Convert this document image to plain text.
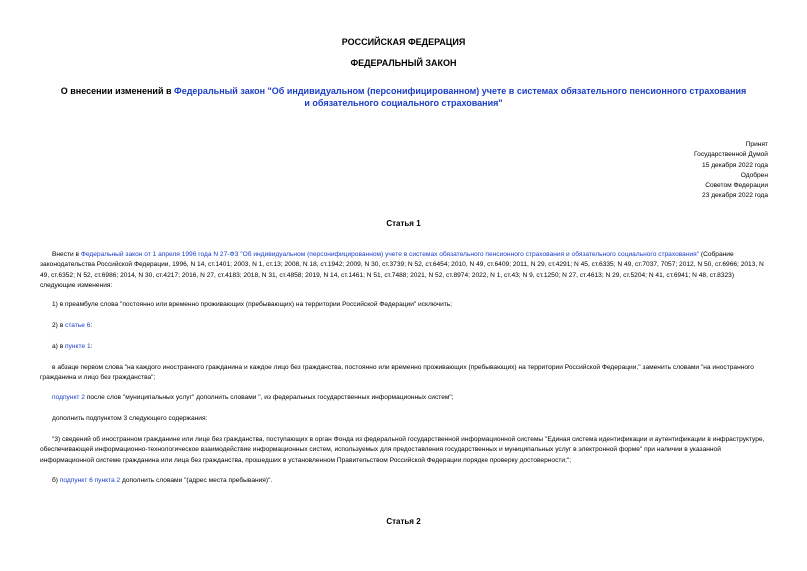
РОССИЙСКАЯ ФЕДЕРАЦИЯ
ФЕДЕРАЛЬНЫЙ ЗАКОН
О внесении изменений в Федеральный закон "Об индивидуальном (персонифицированном) учете в системах обязательного пенсионного страхования и обязательного социального страхования"
Принят
Государственной Думой
15 декабря 2022 года
Одобрен
Советом Федерации
23 декабря 2022 года
Статья 1

Внести в Федеральный закон от 1 апреля 1996 года N 27-ФЗ "Об индивидуальном (персонифицированном) учете в системах обязательного пенсионного страхования и обязательного социального страхования" (Собрание законодательства Российской Федерации, 1996, N 14, ст.1401; 2003, N 1, ст.13; 2008, N 18, ст.1942; 2009, N 30, ст.3739; N 52, ст.6454; 2010, N 49, ст.6409; 2011, N 29, ст.4291; N 45, ст.6335; N 49, ст.7037, 7057; 2012, N 50, ст.6966; 2013, N 49, ст.6352; N 52, ст.6986; 2014, N 30, ст.4217; 2016, N 27, ст.4183; 2018, N 31, ст.4858; 2019, N 14, ст.1461; N 51, ст.7488; 2021, N 52, ст.8974; 2022, N 1, ст.43; N 9, ст.1250; N 27, ст.4613; N 29, ст.5204; N 41, ст.6941; N 48, ст.8323) следующие изменения:

1) в преамбуле слова "постоянно или временно проживающих (пребывающих) на территории Российской Федерации" исключить;

2) в статье 6:

а) в пункте 1:

в абзаце первом слова "на каждого иностранного гражданина и каждое лицо без гражданства, постоянно или временно проживающих (пребывающих) на территории Российской Федерации," заменить словами "на иностранного гражданина и лицо без гражданства";

подпункт 2 после слов "муниципальных услуг" дополнить словами ", из федеральных государственных информационных систем";

дополнить подпунктом 3 следующего содержания:

"3) сведений об иностранном гражданине или лице без гражданства, поступающих в орган Фонда из федеральной государственной информационной системы "Единая система идентификации и аутентификации в инфраструктуре, обеспечивающей информационно-технологическое взаимодействие информационных систем, используемых для предоставления государственных и муниципальных услуг в электронной форме" при наличии в указанной информационной системе гражданина или лица без гражданства, прошедших в установленном Правительством Российской Федерации порядке проверку достоверности;";

б) подпункт 6 пункта 2 дополнить словами "(адрес места пребывания)".

Статья 2
